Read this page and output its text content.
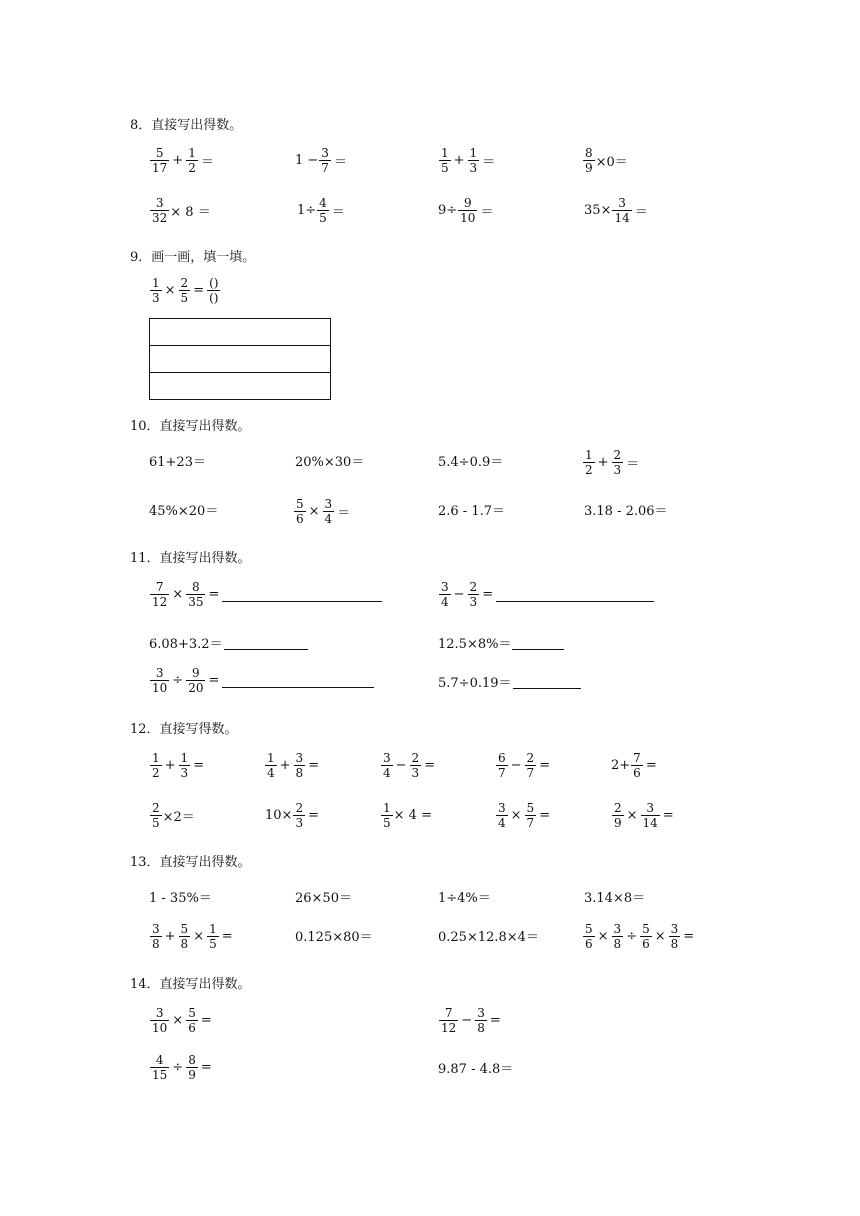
8．直接写出得数。
$\frac{5}{17} + \frac{1}{2}$ ＝	$1 - \frac{3}{7}$ ＝	$\frac{1}{5} + \frac{1}{3}$ ＝	$\frac{8}{9} \times 0=$
$\frac{3}{32} \times 8$ ＝	$1\div \frac{4}{5}$ ＝	$9\div \frac{9}{10}$ ＝	$35\times \frac{3}{14}$ ＝
9．画一画，填一填。
$\frac{1}{3} \times \frac{2}{5} = \frac{()}{()}$
10．直接写出得数。
61+23＝	20%×30＝	5.4÷0.9＝	$\frac{1}{2} + \frac{2}{3}$ ＝
45%×20＝	$\frac{5}{6} \times \frac{3}{4}$ ＝	2.6 - 1.7＝	3.18 - 2.06＝
11．直接写出得数。
$\frac{7}{12} \times \frac{8}{35}$ =	$\frac{3}{4} - \frac{2}{3}$ =
6.08+3.2＝	12.5×8%＝
$\frac{3}{10} \div \frac{9}{20}$ =	5.7÷0.19＝
12．直接写得数。
$\frac{1}{2} + \frac{1}{3}$ =	$\frac{1}{4} + \frac{3}{8}$ =	$\frac{3}{4} - \frac{2}{3}$ =	$\frac{6}{7} - \frac{2}{7}$ =	$2+ \frac{7}{6}$ =
$\frac{2}{5} \times 2=$	$10\times \frac{2}{3}$ =	$\frac{1}{5} \times 4$ =	$\frac{3}{4} \times \frac{5}{7}$ =	$\frac{2}{9} \times \frac{3}{14}$ =
13．直接写出得数。
1 - 35%＝	26×50＝	1÷4%＝	3.14×8＝
$\frac{3}{8} + \frac{5}{8} \times \frac{1}{5}$ =	0.125×80＝	0.25×12.8×4＝	$\frac{5}{6} \times \frac{3}{8} \div \frac{5}{6} \times \frac{3}{8}$ =
14．直接写出得数。
$\frac{3}{10} \times \frac{5}{6}$ =	$\frac{7}{12} - \frac{3}{8}$ =
$\frac{4}{15} \div \frac{8}{9}$ =	9.87 - 4.8＝
